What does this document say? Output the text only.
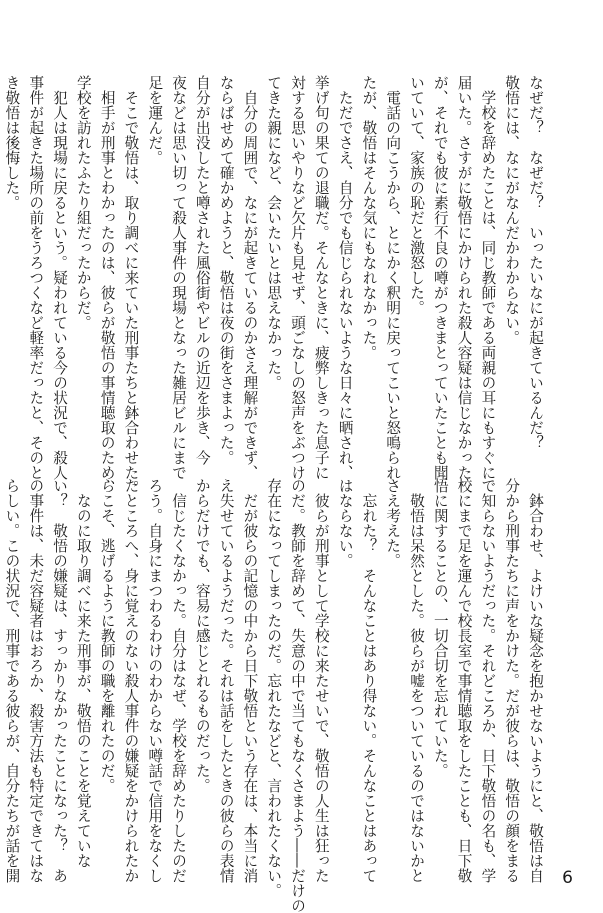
なぜだ？　なぜだ？　いったいなにが起きているんだ？

敬悟には、なにがなんだかわからない。

　学校を辞めたことは、同じ教師である両親の耳にもすぐに

届いた。さすがに敬悟にかけられた殺人容疑は信じなかった

が、それでも彼に素行不良の噂がつきまとっていたことも聞

いていて、家族の恥だと激怒した。

　電話の向こうから、とにかく釈明に戻ってこいと怒鳴られ

たが、敬悟はそんな気にもなれなかった。

　ただでさえ、自分でも信じられないような日々に晒され、

挙げ句の果ての退職だ。そんなときに、疲弊しきった息子に

対する思いやりなど欠片も見せず、頭ごなしの怒声をぶつけ

てきた親になど、会いたいとは思えなかった。

　自分の周囲で、なにが起きているのかさえ理解ができず、

ならばせめて確かめようと、敬悟は夜の街をさまよった。

自分が出没したと噂された風俗街やビルの近辺を歩き、今

夜などは思い切って殺人事件の現場となった雑居ビルにまで

足を運んだ。

　そこで敬悟は、取り調べに来ていた刑事たちと鉢合わせた。

　相手が刑事とわかったのは、彼らが敬悟の事情聴取のため、

学校を訪れたふたり組だったからだ。

　犯人は現場に戻るという。疑われている今の状況で、殺人

事件が起きた場所の前をうろつくなど軽率だったと、そのと

き敬悟は後悔した。

　鉢合わせ、よけいな疑念を抱かせないようにと、敬悟は自

分から刑事たちに声をかけた。だが彼らは、敬悟の顔をまる

で知らないようだった。それどころか、日下敬悟の名も、学

校にまで足を運んで校長室で事情聴取をしたことも、日下敬

悟に関することの、一切合切を忘れていた。

　敬悟は呆然とした。彼らが嘘をついているのではないかと

さえ考えた。

　忘れた？　そんなことはあり得ない。そんなことはあって

はならない。

　彼らが刑事として学校に来たせいで、敬悟の人生は狂った

のだ。教師を辞めて、失意の中で当てもなくさまよう――だけの

存在になってしまったのだ。忘れたなどと、言われたくない。

　だが彼らの記憶の中から日下敬悟という存在は、本当に消

え失せているようだった。それは話をしたときの彼らの表情

からだけでも、容易に感じとれるものだった。

　信じたくなかった。自分はなぜ、学校を辞めたりしたのだ

ろう。自身にまつわるわけのわからない噂話で信用をなくし

たところへ、身に覚えのない殺人事件の嫌疑をかけられたか

らこそ、逃げるように教師の職を離れたのだ。

　なのに取り調べに来た刑事が、敬悟のことを覚えていな

い？　敬悟の嫌疑は、すっかりなかったことになった？　あ

の事件は、未だ容疑者はおろか、殺害方法も特定できてはな

らしい。この状況で、刑事である彼らが、自分たちが話を開	6
